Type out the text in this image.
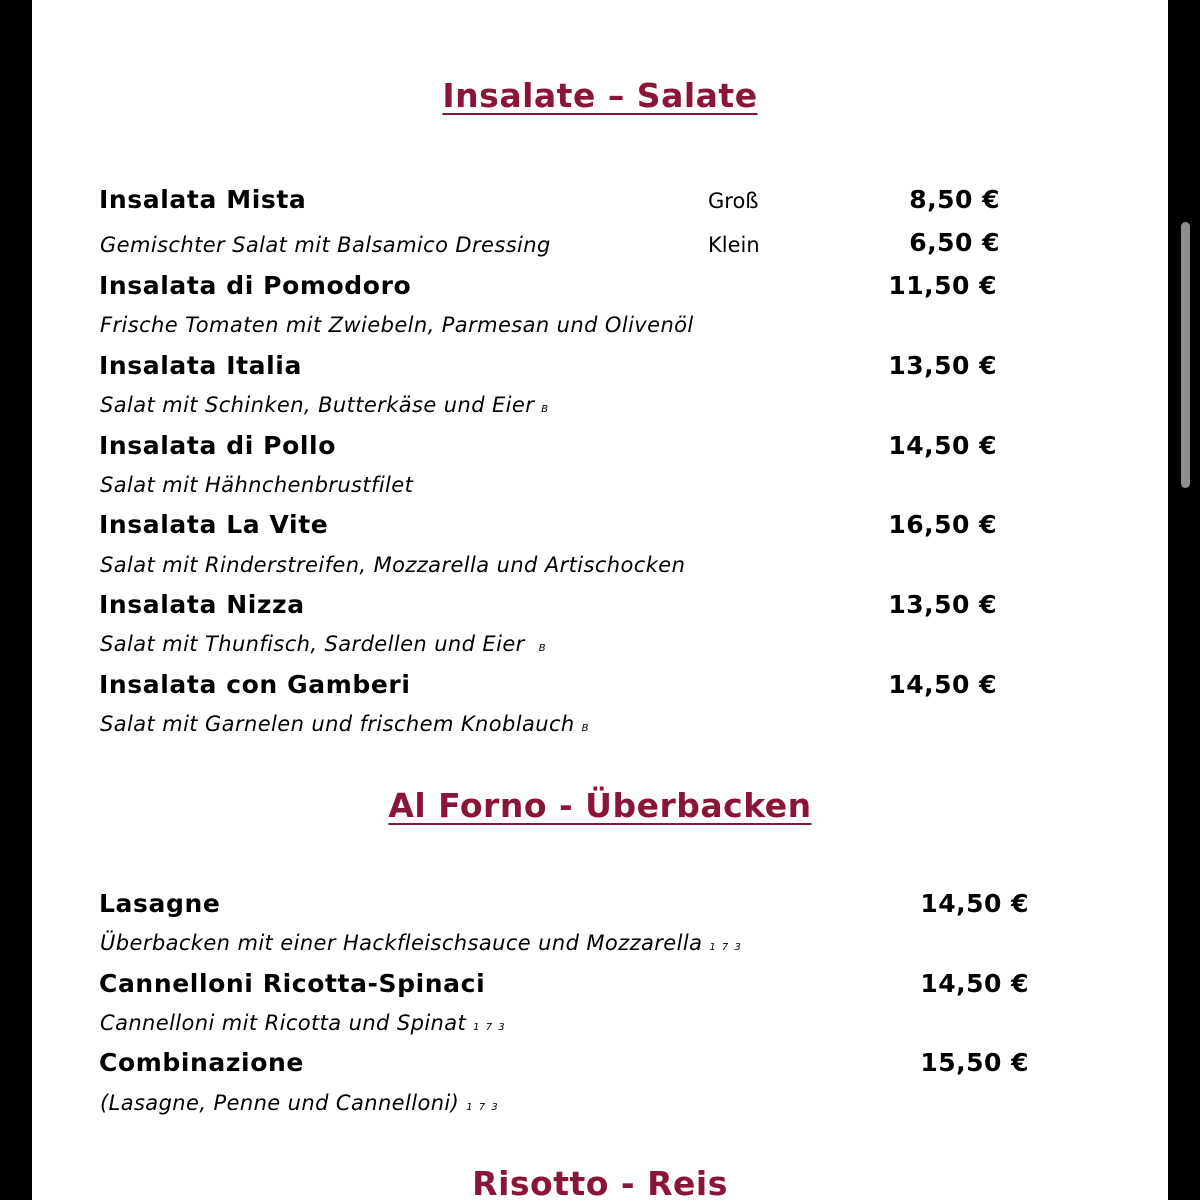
Insalate – Salate
Insalata Mista	Groß	8,50 €
Gemischter Salat mit Balsamico Dressing	Klein	6,50 €
Insalata di Pomodoro	11,50 €
Frische Tomaten mit Zwiebeln, Parmesan und Olivenöl
Insalata Italia	13,50 €
Salat mit Schinken, Butterkäse und Eier B
Insalata di Pollo	14,50 €
Salat mit Hähnchenbrustfilet
Insalata La Vite	16,50 €
Salat mit Rinderstreifen, Mozzarella und Artischocken
Insalata Nizza	13,50 €
Salat mit Thunfisch, Sardellen und Eier B
Insalata con Gamberi	14,50 €
Salat mit Garnelen und frischem Knoblauch B
Al Forno - Überbacken
Lasagne	14,50 €
Überbacken mit einer Hackfleischsauce und Mozzarella 1 7 3
Cannelloni Ricotta-Spinaci	14,50 €
Cannelloni mit Ricotta und Spinat 1 7 3
Combinazione	15,50 €
(Lasagne, Penne und Cannelloni) 1 7 3
Risotto - Reis
